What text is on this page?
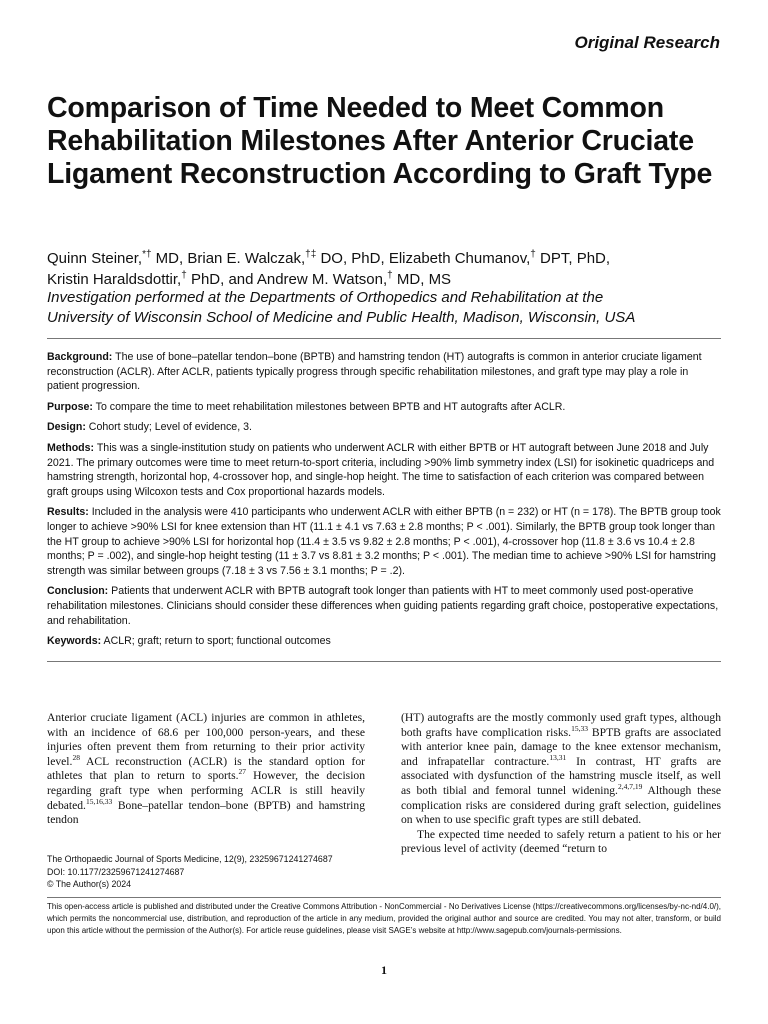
Original Research
Comparison of Time Needed to Meet Common Rehabilitation Milestones After Anterior Cruciate Ligament Reconstruction According to Graft Type
Quinn Steiner,*† MD, Brian E. Walczak,†‡ DO, PhD, Elizabeth Chumanov,† DPT, PhD,
Kristin Haraldsdottir,† PhD, and Andrew M. Watson,† MD, MS
Investigation performed at the Departments of Orthopedics and Rehabilitation at the
University of Wisconsin School of Medicine and Public Health, Madison, Wisconsin, USA

Background: The use of bone–patellar tendon–bone (BPTB) and hamstring tendon (HT) autografts is common in anterior cruciate ligament reconstruction (ACLR). After ACLR, patients typically progress through specific rehabilitation milestones, and graft type may play a role in patient progression.

Purpose: To compare the time to meet rehabilitation milestones between BPTB and HT autografts after ACLR.

Design: Cohort study; Level of evidence, 3.

Methods: This was a single-institution study on patients who underwent ACLR with either BPTB or HT autograft between June 2018 and July 2021. The primary outcomes were time to meet return-to-sport criteria, including >90% limb symmetry index (LSI) for isokinetic quadriceps and hamstring strength, horizontal hop, 4-crossover hop, and single-hop height. The time to satisfaction of each criterion was compared between graft groups using Wilcoxon tests and Cox proportional hazards models.

Results: Included in the analysis were 410 participants who underwent ACLR with either BPTB (n = 232) or HT (n = 178). The BPTB group took longer to achieve >90% LSI for knee extension than HT (11.1 ± 4.1 vs 7.63 ± 2.8 months; P < .001). Similarly, the BPTB group took longer than the HT group to achieve >90% LSI for horizontal hop (11.4 ± 3.5 vs 9.82 ± 2.8 months; P < .001), 4-crossover hop (11.8 ± 3.6 vs 10.4 ± 2.8 months; P = .002), and single-hop height testing (11 ± 3.7 vs 8.81 ± 3.2 months; P < .001). The median time to achieve >90% LSI for hamstring strength was similar between groups (7.18 ± 3 vs 7.56 ± 3.1 months; P = .2).

Conclusion: Patients that underwent ACLR with BPTB autograft took longer than patients with HT to meet commonly used post-operative rehabilitation milestones. Clinicians should consider these differences when guiding patients regarding graft choice, postoperative expectations, and rehabilitation.

Keywords: ACLR; graft; return to sport; functional outcomes

Anterior cruciate ligament (ACL) injuries are common in athletes, with an incidence of 68.6 per 100,000 person-years, and these injuries often prevent them from returning to their prior activity level.$^{28}$ ACL reconstruction (ACLR) is the standard option for athletes that plan to return to sports.$^{27}$ However, the decision regarding graft type when performing ACLR is still heavily debated.$^{15,16,33}$ Bone–patellar tendon–bone (BPTB) and hamstring tendon
(HT) autografts are the mostly commonly used graft types, although both grafts have complication risks.$^{15,33}$ BPTB grafts are associated with anterior knee pain, damage to the knee extensor mechanism, and infrapatellar contracture.$^{13,31}$ In contrast, HT grafts are associated with dysfunction of the hamstring muscle itself, as well as both tibial and femoral tunnel widening.$^{2,4,7,19}$ Although these complication risks are considered during graft selection, guidelines on when to use specific graft types are still debated.
The expected time needed to safely return a patient to his or her previous level of activity (deemed “return to
The Orthopaedic Journal of Sports Medicine, 12(9), 23259671241274687
DOI: 10.1177/23259671241274687
© The Author(s) 2024
This open-access article is published and distributed under the Creative Commons Attribution - NonCommercial - No Derivatives License (https://creativecommons.org/licenses/by-nc-nd/4.0/), which permits the noncommercial use, distribution, and reproduction of the article in any medium, provided the original author and source are credited. You may not alter, transform, or build upon this article without the permission of the Author(s). For article reuse guidelines, please visit SAGE’s website at http://www.sagepub.com/journals-permissions.
1
